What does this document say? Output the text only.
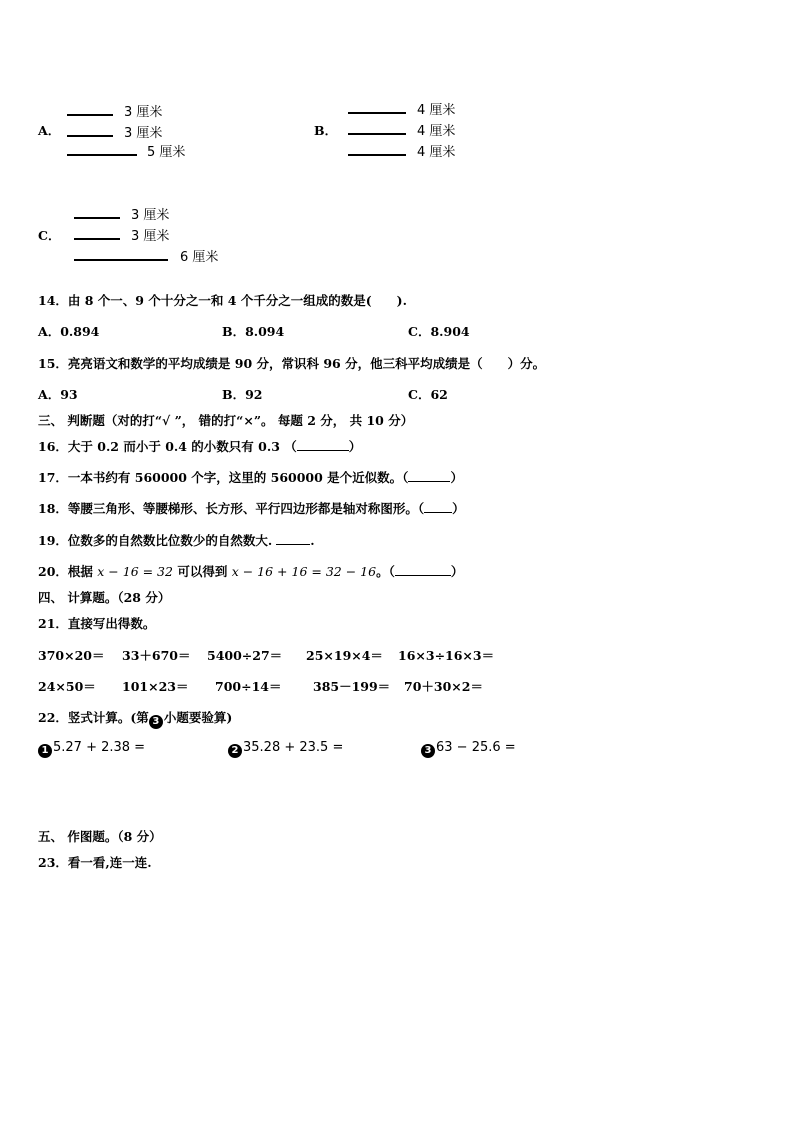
A．
3 厘米
3 厘米
5 厘米
B．
4 厘米
4 厘米
4 厘米
C．
3 厘米
3 厘米
6 厘米
14．由 8 个一、9 个十分之一和 4 个千分之一组成的数是(　　).
A．0.894	B．8.094	C．8.904
15．亮亮语文和数学的平均成绩是 90 分，常识科 96 分，他三科平均成绩是（　　）分。
A．93	B．92	C．62
三、 判断题（对的打“√ ”， 错的打“×”。 每题 2 分， 共 10 分）
16．大于 0.2 而小于 0.4 的小数只有 0.3 （	）
17．一本书约有 560000 个字，这里的 560000 是个近似数。（	）
18．等腰三角形、等腰梯形、长方形、平行四边形都是轴对称图形。（ ）
19．位数多的自然数比位数少的自然数大.	.
20．根据 x − 16 = 32 可以得到 x − 16 + 16 = 32 − 16。（	）
四、 计算题。（28 分）
21．直接写出得数。
370×20＝ 33＋670＝ 5400÷27＝ 25×19×4＝ 16×3÷16×3＝
24×50＝ 101×23＝ 700÷14＝	385－199＝ 70＋30×2＝
22．竖式计算。(第 3 小题要验算)
1 5.27 + 2.38 =	2 35.28 + 23.5 =	3 63 − 25.6 =
五、 作图题。（8 分）
23．看一看,连一连.
